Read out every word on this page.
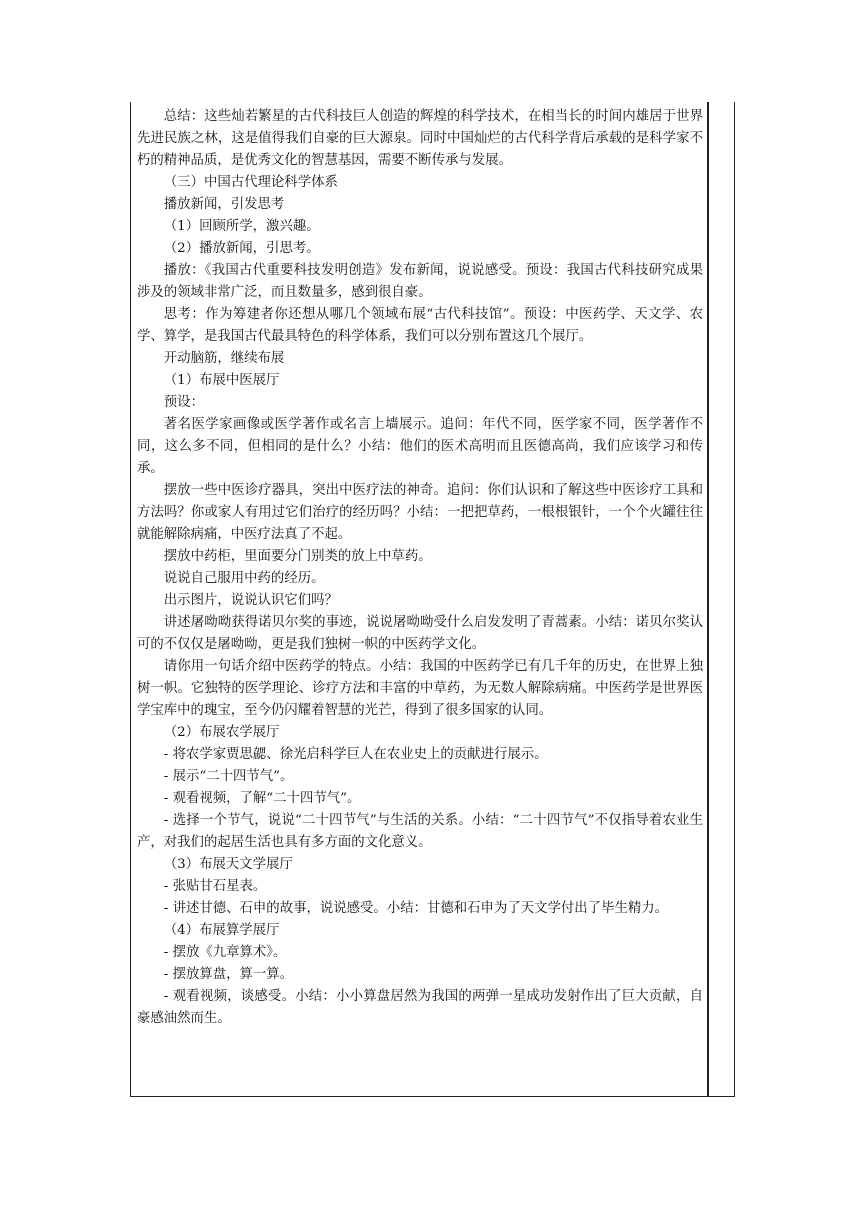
总结：这些灿若繁星的古代科技巨人创造的辉煌的科学技术，在相当长的时间内雄居于世界先进民族之林，这是值得我们自豪的巨大源泉。同时中国灿烂的古代科学背后承载的是科学家不朽的精神品质，是优秀文化的智慧基因，需要不断传承与发展。

（三）中国古代理论科学体系

播放新闻，引发思考

（1）回顾所学，激兴趣。

（2）播放新闻，引思考。

播放：《我国古代重要科技发明创造》发布新闻，说说感受。预设：我国古代科技研究成果涉及的领域非常广泛，而且数量多，感到很自豪。

思考：作为筹建者你还想从哪几个领域布展“古代科技馆”。预设：中医药学、天文学、农学、算学，是我国古代最具特色的科学体系，我们可以分别布置这几个展厅。

开动脑筋，继续布展

（1）布展中医展厅

预设：

著名医学家画像或医学著作或名言上墙展示。追问：年代不同，医学家不同，医学著作不同，这么多不同，但相同的是什么？小结：他们的医术高明而且医德高尚，我们应该学习和传承。

摆放一些中医诊疗器具，突出中医疗法的神奇。追问：你们认识和了解这些中医诊疗工具和方法吗？你或家人有用过它们治疗的经历吗？小结：一把把草药，一根根银针，一个个火罐往往就能解除病痛，中医疗法真了不起。

摆放中药柜，里面要分门别类的放上中草药。

说说自己服用中药的经历。

出示图片，说说认识它们吗？

讲述屠呦呦获得诺贝尔奖的事迹，说说屠呦呦受什么启发发明了青蒿素。小结：诺贝尔奖认可的不仅仅是屠呦呦，更是我们独树一帜的中医药学文化。

请你用一句话介绍中医药学的特点。小结：我国的中医药学已有几千年的历史，在世界上独树一帜。它独特的医学理论、诊疗方法和丰富的中草药，为无数人解除病痛。中医药学是世界医学宝库中的瑰宝，至今仍闪耀着智慧的光芒，得到了很多国家的认同。

（2）布展农学展厅

- 将农学家贾思勰、徐光启科学巨人在农业史上的贡献进行展示。

- 展示“二十四节气”。

- 观看视频，了解“二十四节气”。

- 选择一个节气，说说“二十四节气”与生活的关系。小结：“二十四节气”不仅指导着农业生产，对我们的起居生活也具有多方面的文化意义。

（3）布展天文学展厅

- 张贴甘石星表。

- 讲述甘德、石申的故事，说说感受。小结：甘德和石申为了天文学付出了毕生精力。

（4）布展算学展厅

- 摆放《九章算术》。

- 摆放算盘，算一算。

- 观看视频，谈感受。小结：小小算盘居然为我国的两弹一星成功发射作出了巨大贡献，自豪感油然而生。
